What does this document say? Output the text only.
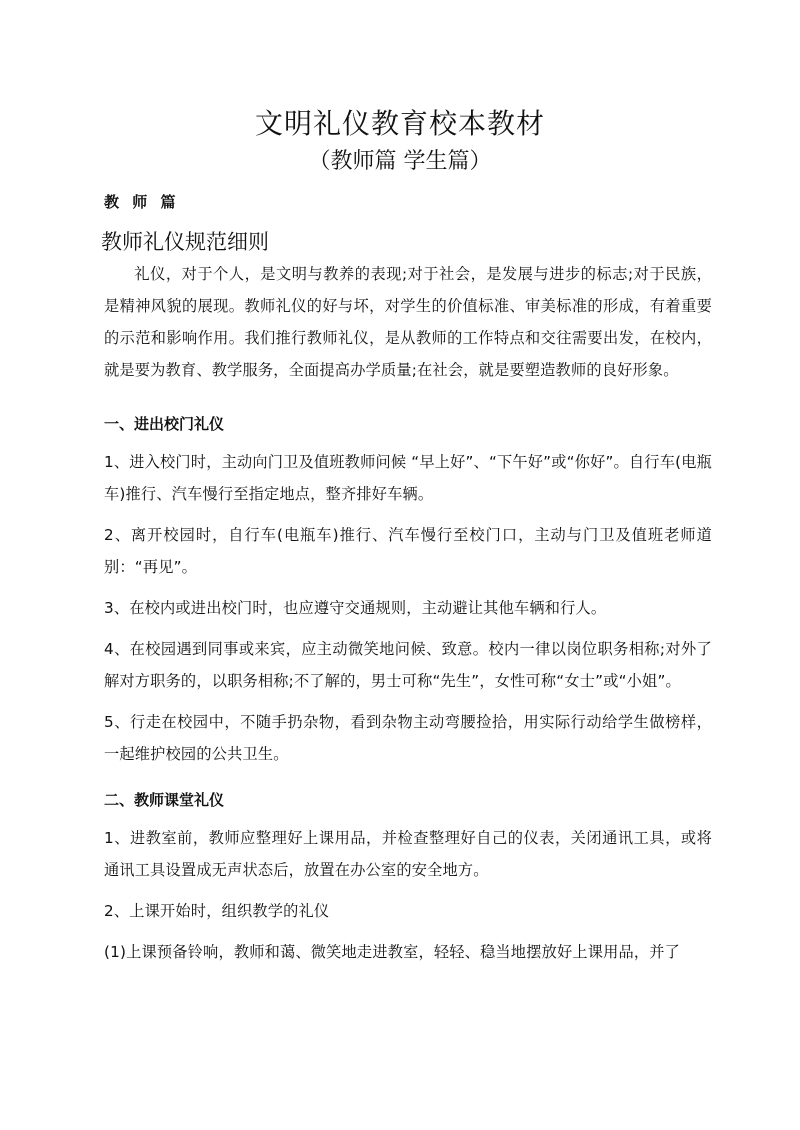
文明礼仪教育校本教材
（教师篇 学生篇）
教 师 篇
教师礼仪规范细则

礼仪，对于个人，是文明与教养的表现;对于社会，是发展与进步的标志;对于民族，是精神风貌的展现。教师礼仪的好与坏，对学生的价值标准、审美标准的形成，有着重要的示范和影响作用。我们推行教师礼仪，是从教师的工作特点和交往需要出发，在校内，就是要为教育、教学服务，全面提高办学质量;在社会，就是要塑造教师的良好形象。

一、进出校门礼仪

1、进入校门时，主动向门卫及值班教师问候 “早上好”、“下午好”或“你好”。自行车(电瓶车)推行、汽车慢行至指定地点，整齐排好车辆。

2、离开校园时，自行车(电瓶车)推行、汽车慢行至校门口，主动与门卫及值班老师道别：“再见”。

3、在校内或进出校门时，也应遵守交通规则，主动避让其他车辆和行人。

4、在校园遇到同事或来宾，应主动微笑地问候、致意。校内一律以岗位职务相称;对外了解对方职务的，以职务相称;不了解的，男士可称“先生”，女性可称“女士”或“小姐”。

5、行走在校园中，不随手扔杂物，看到杂物主动弯腰捡拾，用实际行动给学生做榜样，一起维护校园的公共卫生。

二、教师课堂礼仪

1、进教室前，教师应整理好上课用品，并检查整理好自己的仪表，关闭通讯工具，或将通讯工具设置成无声状态后，放置在办公室的安全地方。

2、上课开始时，组织教学的礼仪

(1)上课预备铃响，教师和蔼、微笑地走进教室，轻轻、稳当地摆放好上课用品，并了
